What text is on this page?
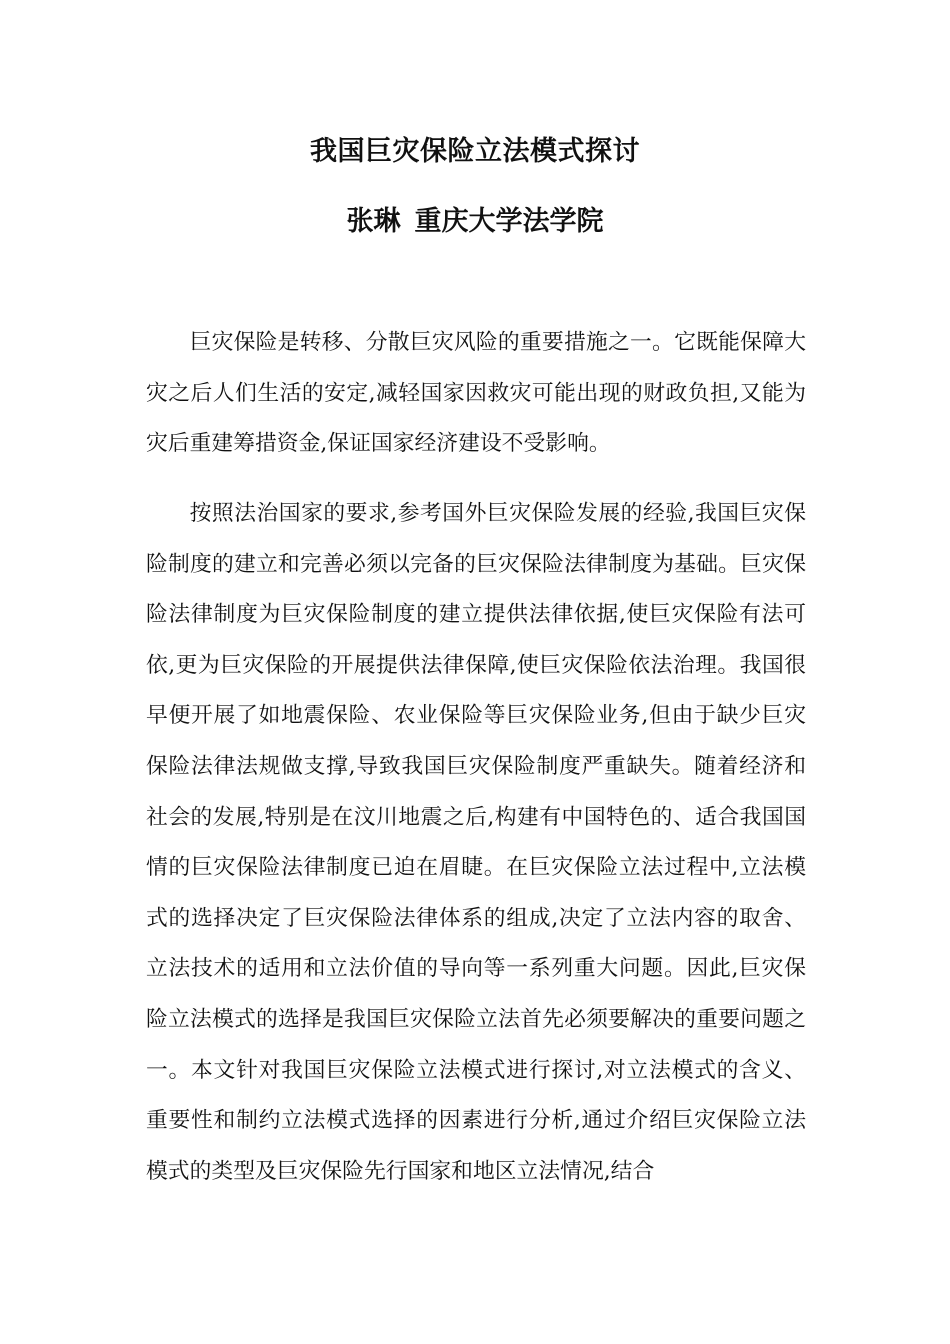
我国巨灾保险立法模式探讨
张琳 重庆大学法学院

巨灾保险是转移、分散巨灾风险的重要措施之一。它既能保障大灾之后人们生活的安定,减轻国家因救灾可能出现的财政负担,又能为灾后重建筹措资金,保证国家经济建设不受影响。

按照法治国家的要求,参考国外巨灾保险发展的经验,我国巨灾保险制度的建立和完善必须以完备的巨灾保险法律制度为基础。巨灾保险法律制度为巨灾保险制度的建立提供法律依据,使巨灾保险有法可依,更为巨灾保险的开展提供法律保障,使巨灾保险依法治理。我国很早便开展了如地震保险、农业保险等巨灾保险业务,但由于缺少巨灾保险法律法规做支撑,导致我国巨灾保险制度严重缺失。随着经济和社会的发展,特别是在汶川地震之后,构建有中国特色的、适合我国国情的巨灾保险法律制度已迫在眉睫。在巨灾保险立法过程中,立法模式的选择决定了巨灾保险法律体系的组成,决定了立法内容的取舍、立法技术的适用和立法价值的导向等一系列重大问题。因此,巨灾保险立法模式的选择是我国巨灾保险立法首先必须要解决的重要问题之一。本文针对我国巨灾保险立法模式进行探讨,对立法模式的含义、重要性和制约立法模式选择的因素进行分析,通过介绍巨灾保险立法模式的类型及巨灾保险先行国家和地区立法情况,结合
